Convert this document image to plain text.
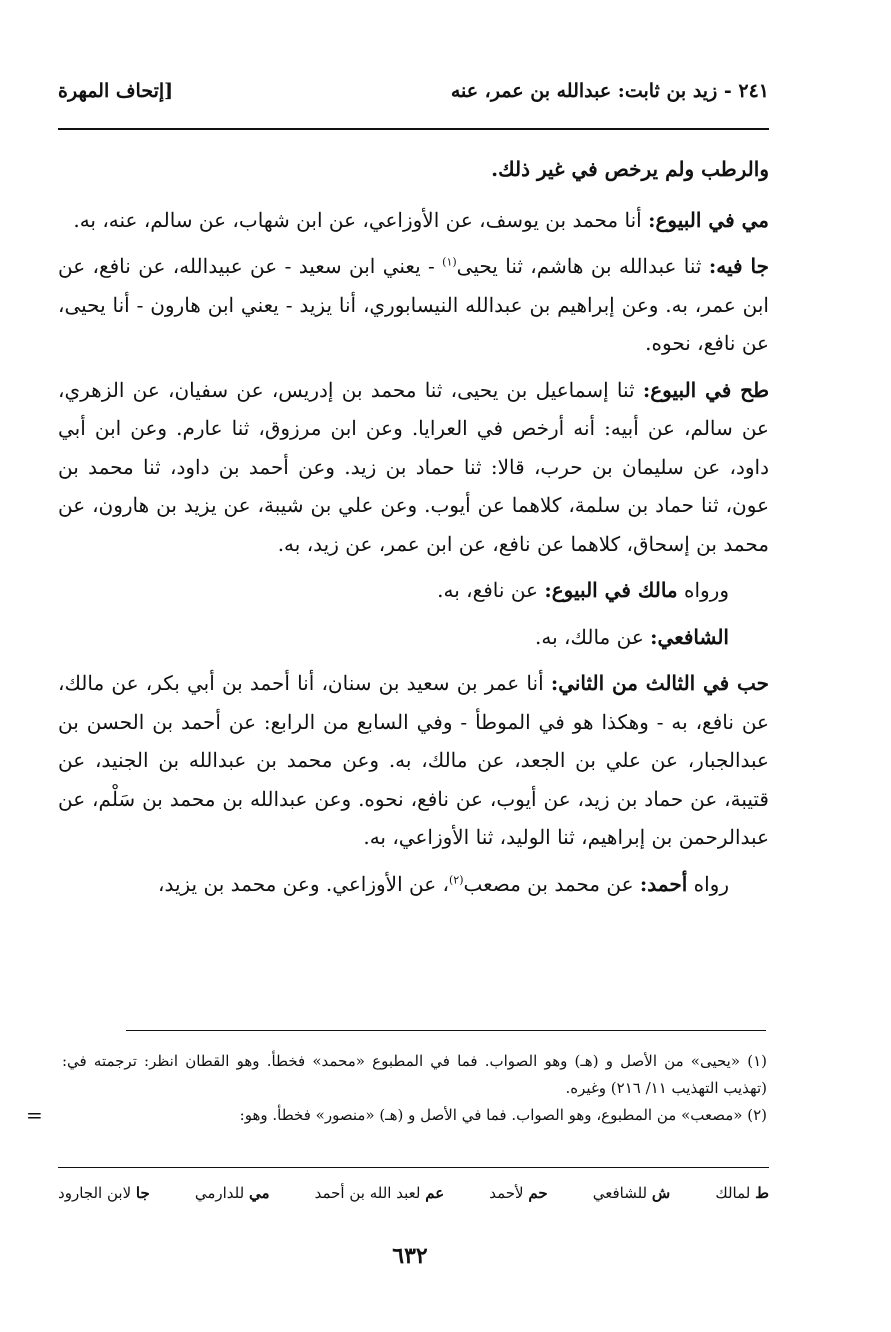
٢٤١ - زيد بن ثابت: عبدالله بن عمر، عنه
[إتحاف المهرة

والرطب ولم يرخص في غير ذلك.

مي في البيوع: أنا محمد بن يوسف، عن الأوزاعي، عن ابن شهاب، عن سالم، عنه، به.

جا فيه: ثنا عبدالله بن هاشم، ثنا يحيى$^{(١)}$ - يعني ابن سعيد - عن عبيدالله، عن نافع، عن ابن عمر، به. وعن إبراهيم بن عبدالله النيسابوري، أنا يزيد - يعني ابن هارون - أنا يحيى، عن نافع، نحوه.

طح في البيوع: ثنا إسماعيل بن يحيى، ثنا محمد بن إدريس، عن سفيان، عن الزهري، عن سالم، عن أبيه: أنه أرخص في العرايا. وعن ابن مرزوق، ثنا عارم. وعن ابن أبي داود، عن سليمان بن حرب، قالا: ثنا حماد بن زيد. وعن أحمد بن داود، ثنا محمد بن عون، ثنا حماد بن سلمة، كلاهما عن أيوب. وعن علي بن شيبة، عن يزيد بن هارون، عن محمد بن إسحاق، كلاهما عن نافع، عن ابن عمر، عن زيد، به.

ورواه مالك في البيوع: عن نافع، به.

الشافعي: عن مالك، به.

حب في الثالث من الثاني: أنا عمر بن سعيد بن سنان، أنا أحمد بن أبي بكر، عن مالك، عن نافع، به - وهكذا هو في الموطأ - وفي السابع من الرابع: عن أحمد بن الحسن بن عبدالجبار، عن علي بن الجعد، عن مالك، به. وعن محمد بن عبدالله بن الجنيد، عن قتيبة، عن حماد بن زيد، عن أيوب، عن نافع، نحوه. وعن عبدالله بن محمد بن سَلْم، عن عبدالرحمن بن إبراهيم، ثنا الوليد، ثنا الأوزاعي، به.

رواه أحمد: عن محمد بن مصعب$^{(٢)}$، عن الأوزاعي. وعن محمد بن يزيد،

(١) «يحيى» من الأصل و (هـ) وهو الصواب. فما في المطبوع «محمد» فخطأ. وهو القطان انظر: ترجمته في: (تهذيب التهذيب ١١/ ٢١٦) وغيره.

(٢) «مصعب» من المطبوع، وهو الصواب. فما في الأصل و (هـ) «منصور» فخطأ. وهو:
=

ط لمالك
ش للشافعي
حم لأحمد
عم لعبد الله بن أحمد
مي للدارمي
جا لابن الجارود
٦٣٢
